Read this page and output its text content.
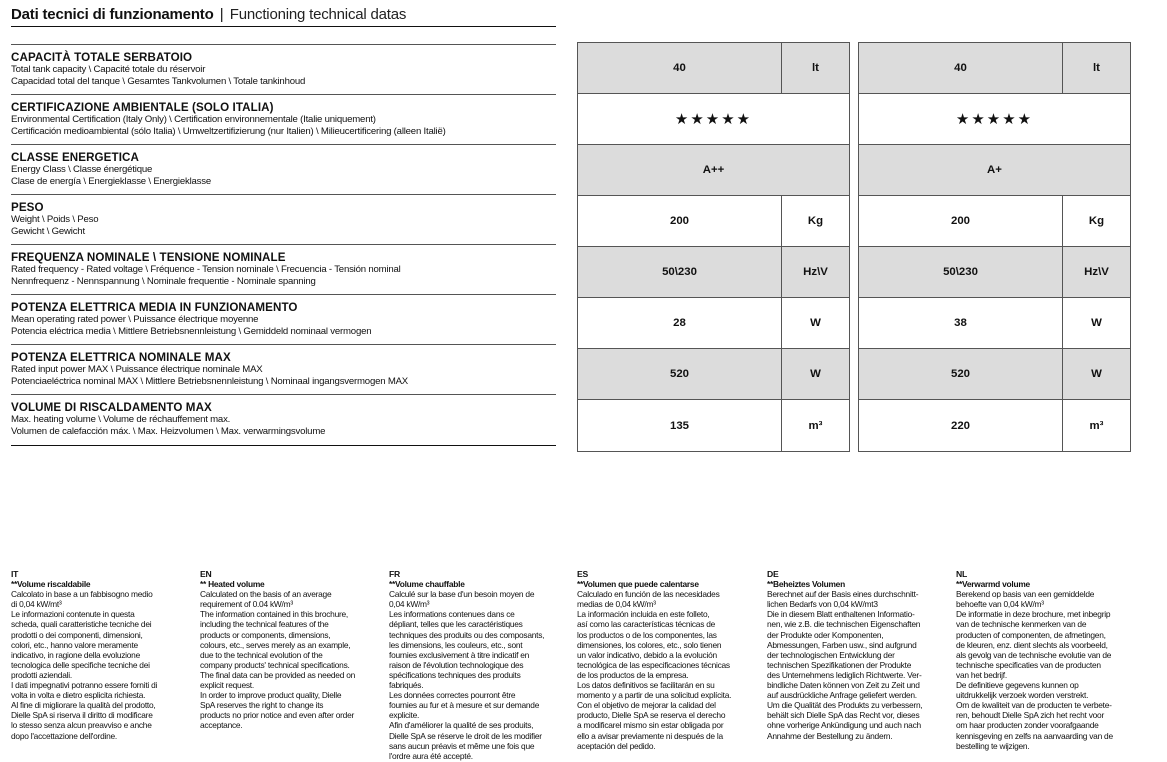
Dati tecnici di funzionamento | Functioning technical datas
CAPACITÀ TOTALE SERBATOIO
Total tank capacity \ Capacité totale du réservoir
Capacidad total del tanque \ Gesamtes Tankvolumen \ Totale tankinhoud
CERTIFICAZIONE AMBIENTALE (SOLO ITALIA)
Environmental Certification (Italy Only) \ Certification environnementale (Italie uniquement)
Certificación medioambiental (sólo Italia) \ Umweltzertifizierung (nur Italien) \ Milieucertificering (alleen Italië)
CLASSE ENERGETICA
Energy Class \ Classe énergétique
Clase de energía \ Energieklasse \ Energieklasse
PESO
Weight \ Poids \ Peso
Gewicht \ Gewicht
FREQUENZA NOMINALE \ TENSIONE NOMINALE
Rated frequency - Rated voltage \ Fréquence - Tension nominale \ Frecuencia - Tensión nominal
Nennfrequenz - Nennspannung \ Nominale frequentie - Nominale spanning
POTENZA ELETTRICA MEDIA IN FUNZIONAMENTO
Mean operating rated power \ Puissance électrique moyenne
Potencia eléctrica media \ Mittlere Betriebsnennleistung \ Gemiddeld nominaal vermogen
POTENZA ELETTRICA NOMINALE MAX
Rated input power MAX \ Puissance électrique nominale MAX
Potenciaeléctrica nominal MAX \ Mittlere Betriebsnennleistung \ Nominaal ingangsvermogen MAX
VOLUME DI RISCALDAMENTO MAX
Max. heating volume \ Volume de réchauffement max.
Volumen de calefacción máx. \ Max. Heizvolumen \ Max. verwarmingsvolume
40	lt
★★★★★
A++
200	Kg
50\230	Hz\V
28	W
520	W
135	m³
40	lt
★★★★★
A+
200	Kg
50\230	Hz\V
38	W
520	W
220	m³
IT
**Volume riscaldabile

Calcolato in base a un fabbisogno medio

di 0,04 kW/mt³

Le informazioni contenute in questa

scheda, quali caratteristiche tecniche dei

prodotti o dei componenti, dimensioni,

colori, etc., hanno valore meramente

indicativo, in ragione della evoluzione

tecnologica delle specifiche tecniche dei

prodotti aziendali.

I dati impegnativi potranno essere forniti di

volta in volta e dietro esplicita richiesta.

Al fine di migliorare la qualità del prodotto,

Dielle SpA si riserva il diritto di modificare

lo stesso senza alcun preavviso e anche

dopo l'accettazione dell'ordine.

EN
** Heated volume

Calculated on the basis of an average

requirement of 0.04 kW/m³

The information contained in this brochure,

including the technical features of the

products or components, dimensions,

colours, etc., serves merely as an example,

due to the technical evolution of the

company products' technical specifications.

The final data can be provided as needed on

explicit request.

In order to improve product quality, Dielle

SpA reserves the right to change its

products no prior notice and even after order

acceptance.

FR
**Volume chauffable

Calculé sur la base d'un besoin moyen de

0,04 kW/m³

Les informations contenues dans ce

dépliant, telles que les caractéristiques

techniques des produits ou des composants,

les dimensions, les couleurs, etc., sont

fournies exclusivement à titre indicatif en

raison de l'évolution technologique des

spécifications techniques des produits

fabriqués.

Les données correctes pourront être

fournies au fur et à mesure et sur demande

explicite.

Afin d'améliorer la qualité de ses produits,

Dielle SpA se réserve le droit de les modifier

sans aucun préavis et même une fois que

l'ordre aura été accepté.

ES
**Volumen que puede calentarse

Calculado en función de las necesidades

medias de 0,04 kW/m³

La información incluida en este folleto,

así como las características técnicas de

los productos o de los componentes, las

dimensiones, los colores, etc., solo tienen

un valor indicativo, debido a la evolución

tecnológica de las especificaciones técnicas

de los productos de la empresa.

Los datos definitivos se facilitarán en su

momento y a partir de una solicitud explícita.

Con el objetivo de mejorar la calidad del

producto, Dielle SpA se reserva el derecho

a modificarel mismo sin estar obligada por

ello a avisar previamente ni después de la

aceptación del pedido.

DE
**Beheiztes Volumen

Berechnet auf der Basis eines durchschnitt-

lichen Bedarfs von 0,04 kW/mt3

Die in diesem Blatt enthaltenen Informatio-

nen, wie z.B. die technischen Eigenschaften

der Produkte oder Komponenten,

Abmessungen, Farben usw., sind aufgrund

der technologischen Entwicklung der

technischen Spezifikationen der Produkte

des Unternehmens lediglich Richtwerte. Ver-

bindliche Daten können von Zeit zu Zeit und

auf ausdrückliche Anfrage geliefert werden.

Um die Qualität des Produkts zu verbessern,

behält sich Dielle SpA das Recht vor, dieses

ohne vorherige Ankündigung und auch nach

Annahme der Bestellung zu ändern.

NL
**Verwarmd volume

Berekend op basis van een gemiddelde

behoefte van 0,04 kW/m³

De informatie in deze brochure, met inbegrip

van de technische kenmerken van de

producten of componenten, de afmetingen,

de kleuren, enz. dient slechts als voorbeeld,

als gevolg van de technische evolutie van de

technische specificaties van de producten

van het bedrijf.

De definitieve gegevens kunnen op

uitdrukkelijk verzoek worden verstrekt.

Om de kwaliteit van de producten te verbete-

ren, behoudt Dielle SpA zich het recht voor

om haar producten zonder voorafgaande

kennisgeving en zelfs na aanvaarding van de

bestelling te wijzigen.
